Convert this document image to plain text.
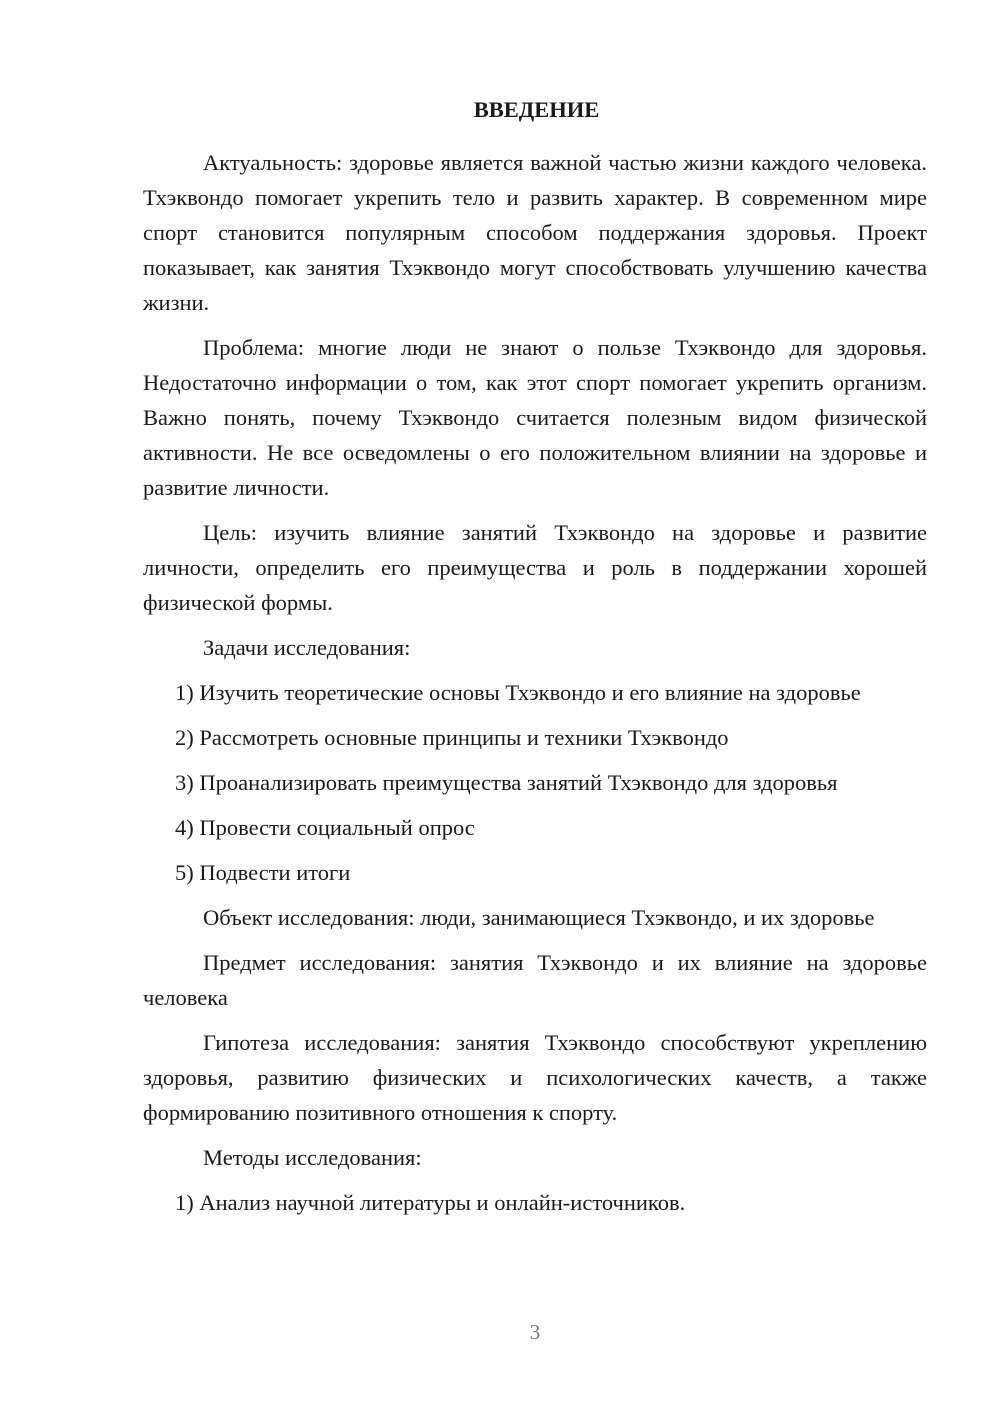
ВВЕДЕНИЕ

Актуальность: здоровье является важной частью жизни каждого человека. Тхэквондо помогает укрепить тело и развить характер. В современном мире спорт становится популярным способом поддержания здоровья. Проект показывает, как занятия Тхэквондо могут способствовать улучшению качества жизни.

Проблема: многие люди не знают о пользе Тхэквондо для здоровья. Недостаточно информации о том, как этот спорт помогает укрепить организм. Важно понять, почему Тхэквондо считается полезным видом физической активности. Не все осведомлены о его положительном влиянии на здоровье и развитие личности.

Цель: изучить влияние занятий Тхэквондо на здоровье и развитие личности, определить его преимущества и роль в поддержании хорошей физической формы.

Задачи исследования:

1) Изучить теоретические основы Тхэквондо и его влияние на здоровье

2) Рассмотреть основные принципы и техники Тхэквондо

3) Проанализировать преимущества занятий Тхэквондо для здоровья

4) Провести социальный опрос

5) Подвести итоги

Объект исследования: люди, занимающиеся Тхэквондо, и их здоровье

Предмет исследования: занятия Тхэквондо и их влияние на здоровье человека

Гипотеза исследования: занятия Тхэквондо способствуют укреплению здоровья, развитию физических и психологических качеств, а также формированию позитивного отношения к спорту.

Методы исследования:

1) Анализ научной литературы и онлайн-источников.

3
